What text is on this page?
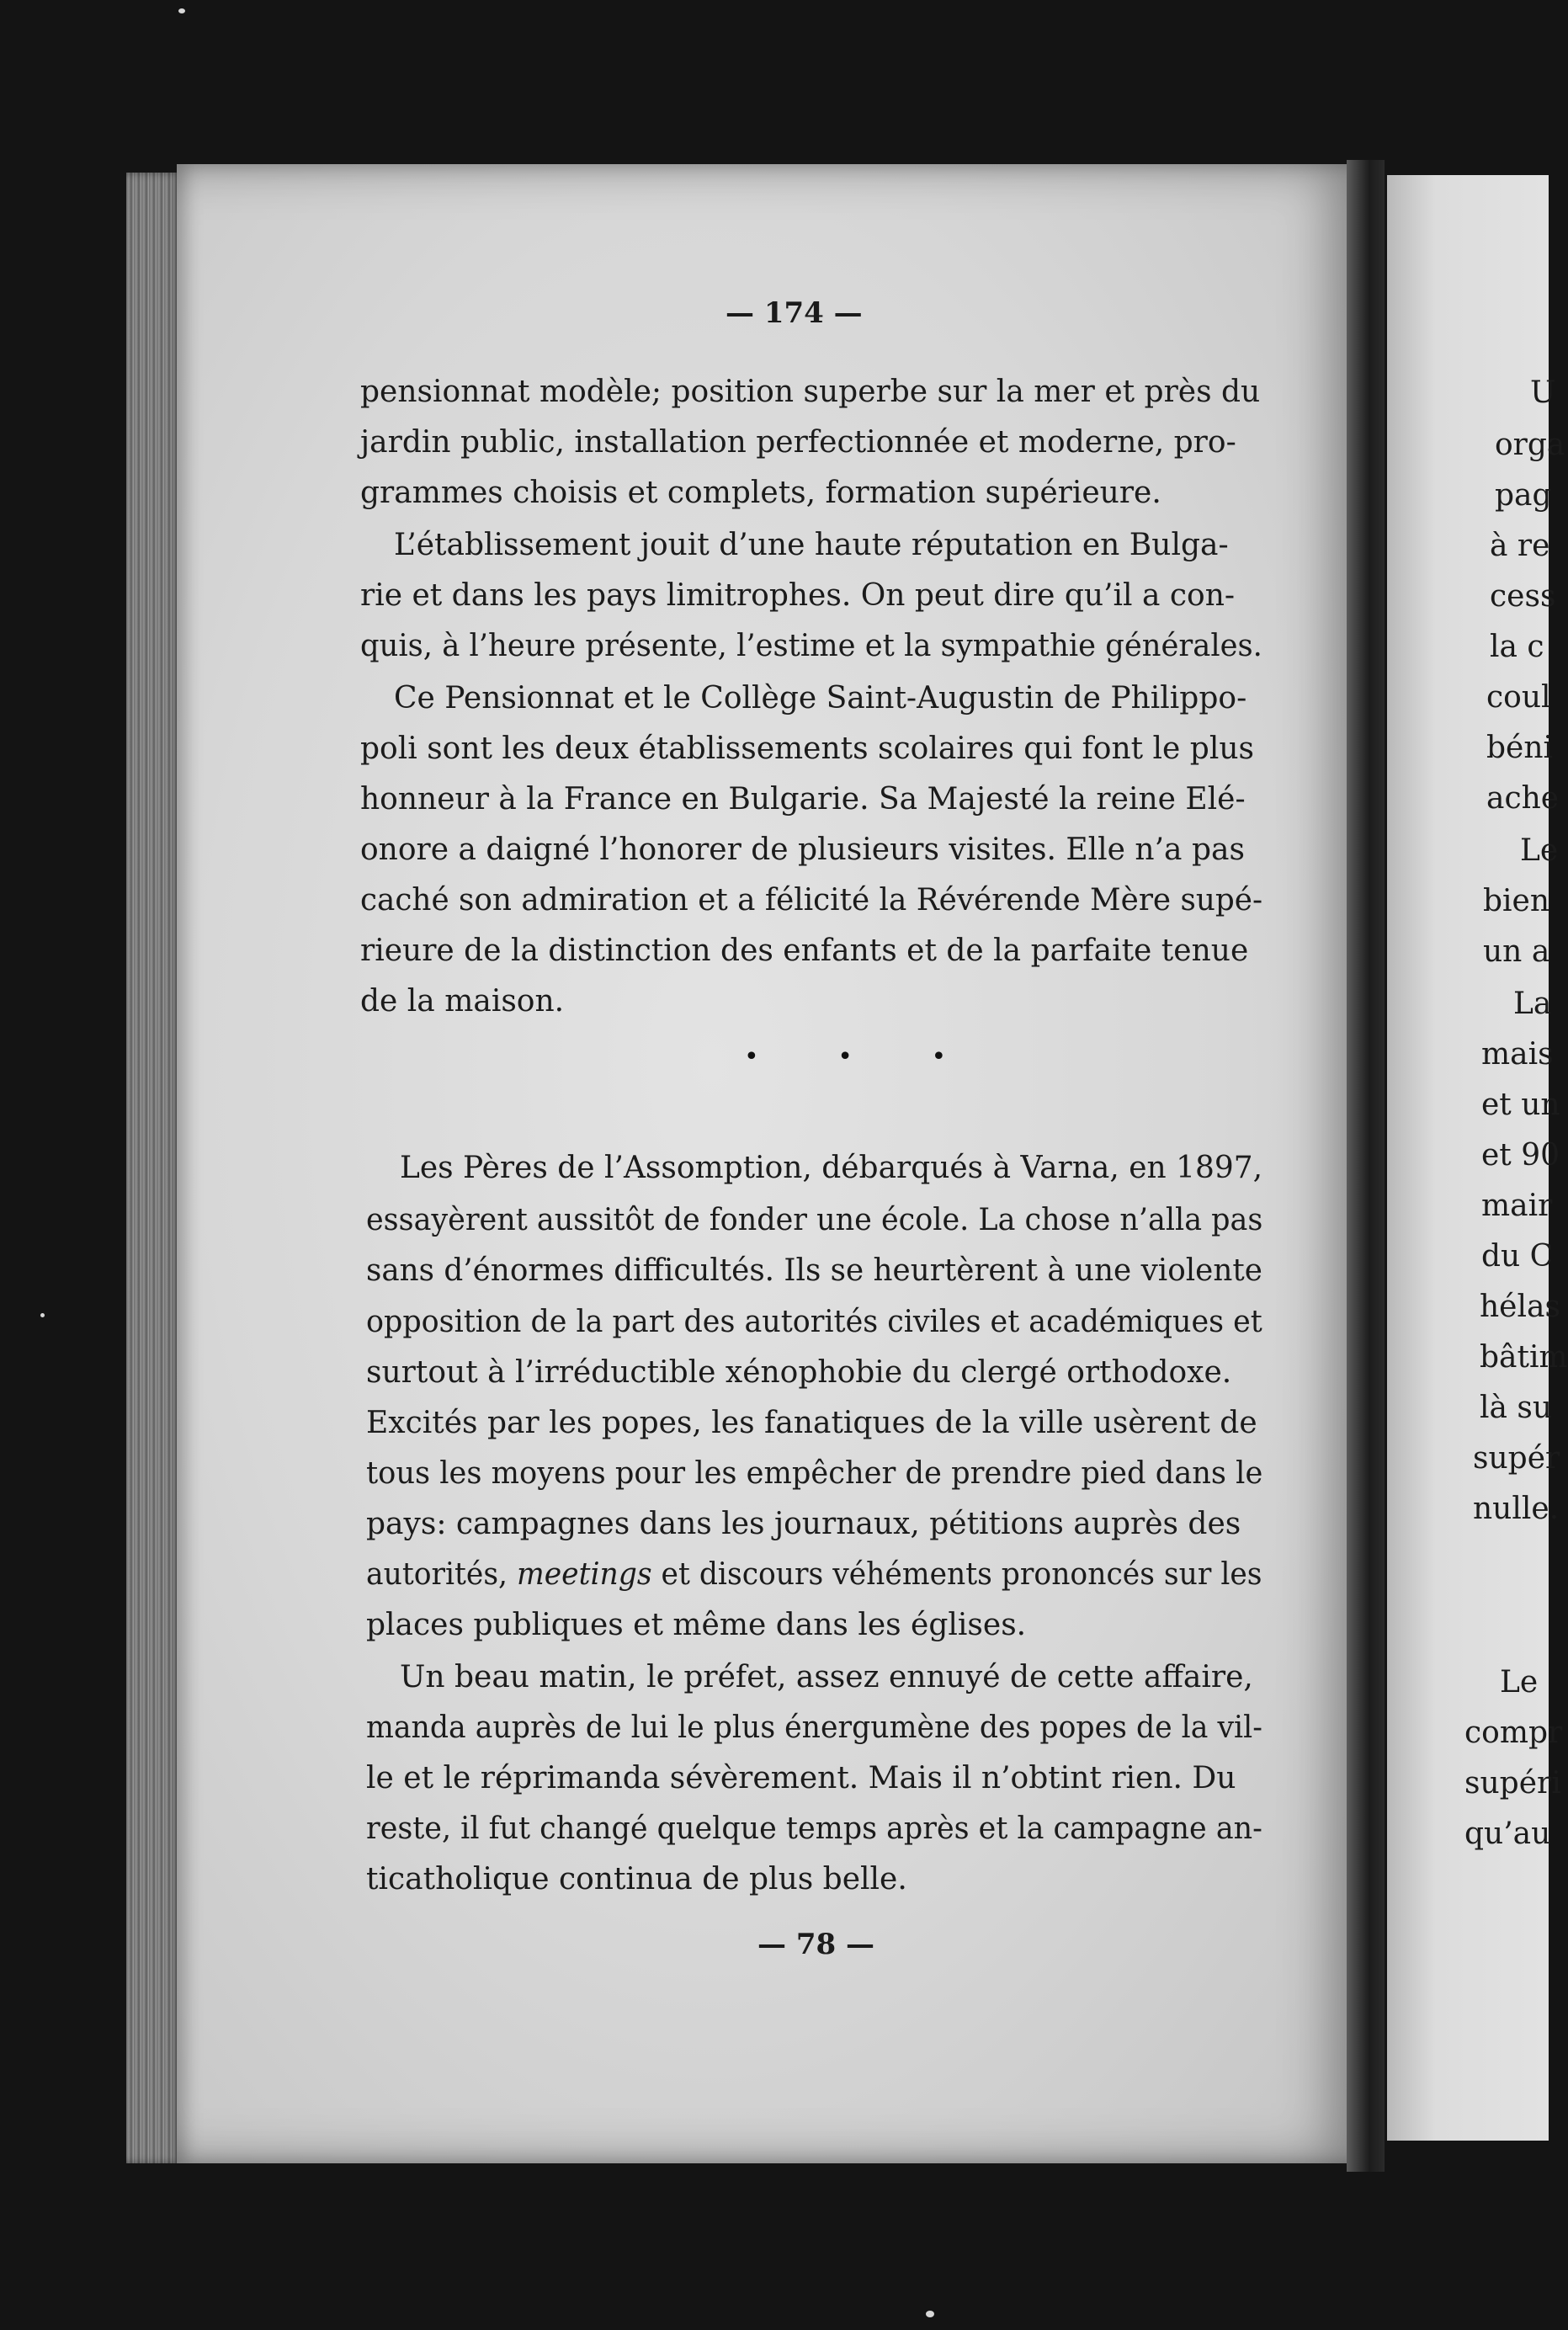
— 174 —
pensionnat modèle; position superbe sur la mer et près du
jardin public, installation perfectionnée et moderne, pro-
grammes choisis et complets, formation supérieure.
L’établissement jouit d’une haute réputation en Bulga-
rie et dans les pays limitrophes. On peut dire qu’il a con-
quis, à l’heure présente, l’estime et la sympathie générales.
Ce Pensionnat et le Collège Saint-Augustin de Philippo-
poli sont les deux établissements scolaires qui font le plus
honneur à la France en Bulgarie. Sa Majesté la reine Elé-
onore a daigné l’honorer de plusieurs visites. Elle n’a pas
caché son admiration et a félicité la Révérende Mère supé-
rieure de la distinction des enfants et de la parfaite tenue
de la maison.
• • •
Les Pères de l’Assomption, débarqués à Varna, en 1897,
essayèrent aussitôt de fonder une école. La chose n’alla pas
sans d’énormes difficultés. Ils se heurtèrent à une violente
opposition de la part des autorités civiles et académiques et
surtout à l’irréductible xénophobie du clergé orthodoxe.
Excités par les popes, les fanatiques de la ville usèrent de
tous les moyens pour les empêcher de prendre pied dans le
pays: campagnes dans les journaux, pétitions auprès des
autorités, meetings et discours véhéments prononcés sur les
places publiques et même dans les églises.
Un beau matin, le préfet, assez ennuyé de cette affaire,
manda auprès de lui le plus énergumène des popes de la vil-
le et le réprimanda sévèrement. Mais il n’obtint rien. Du
reste, il fut changé quelque temps après et la campagne an-
ticatholique continua de plus belle.
— 78 —
U
orga
pag
à re
cess
la c
coul
béni
ache
Le
bien
un a
La
mais
et un
et 90
mair
du C
hélas
bâtim
là su
supér
nulle.
Le
compr
supéri
qu’au
